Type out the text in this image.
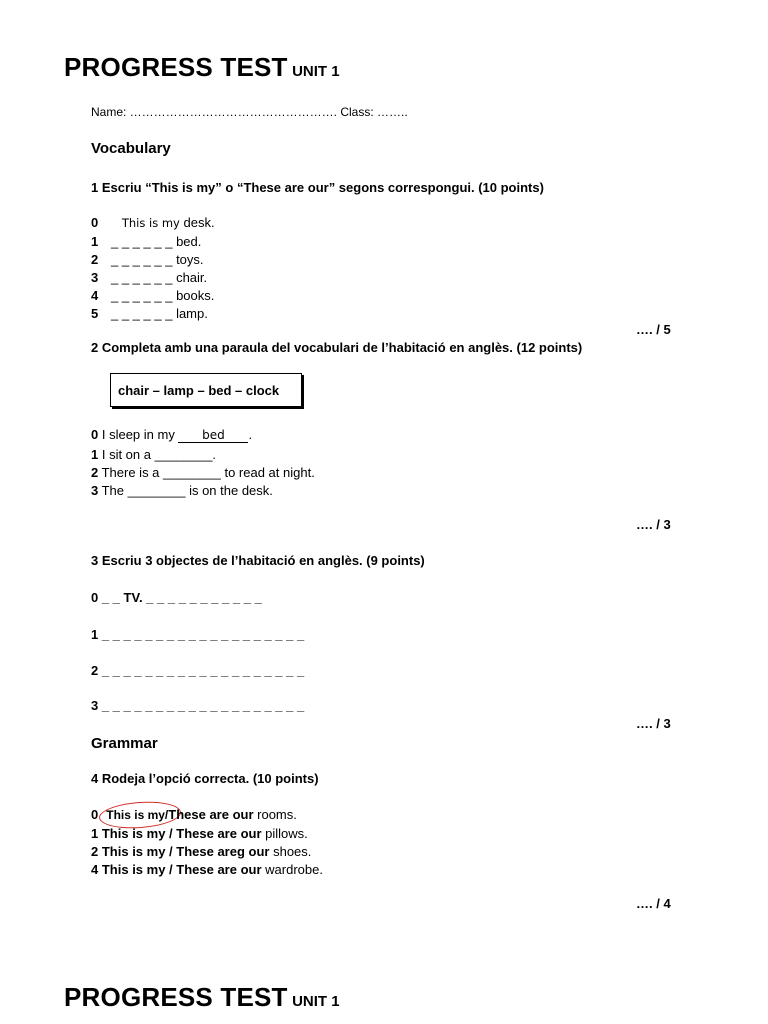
PROGRESS TEST UNIT 1
Name: ……………………………………………. Class: ……..
Vocabulary
1 Escriu “This is my” o “These are our” segons correspongui. (10 points)
0 This is my desk.
1 _ _ _ _ _ _ bed.
2 _ _ _ _ _ _ toys.
3 _ _ _ _ _ _ chair.
4 _ _ _ _ _ _ books.
5 _ _ _ _ _ _ lamp.
…. / 5
2 Completa amb una paraula del vocabulari de l’habitació en anglès. (12 points)
chair – lamp – bed – clock
0 I sleep in my bed .
1 I sit on a ________.
2 There is a ________ to read at night.
3 The ________ is on the desk.
…. / 3
3 Escriu 3 objectes de l’habitació en anglès. (9 points)
0 _ _ TV. _ _ _ _ _ _ _ _ _ _ _
1 _ _ _ _ _ _ _ _ _ _ _ _ _ _ _ _ _ _ _
2 _ _ _ _ _ _ _ _ _ _ _ _ _ _ _ _ _ _ _
3 _ _ _ _ _ _ _ _ _ _ _ _ _ _ _ _ _ _ _
…. / 3
Grammar
4 Rodeja l’opció correcta. (10 points)
0 This is my/These are our rooms.
1 This is my / These are our pillows.
2 This is my / These areg our shoes.
4 This is my / These are our wardrobe.
…. / 4
PROGRESS TEST UNIT 1
